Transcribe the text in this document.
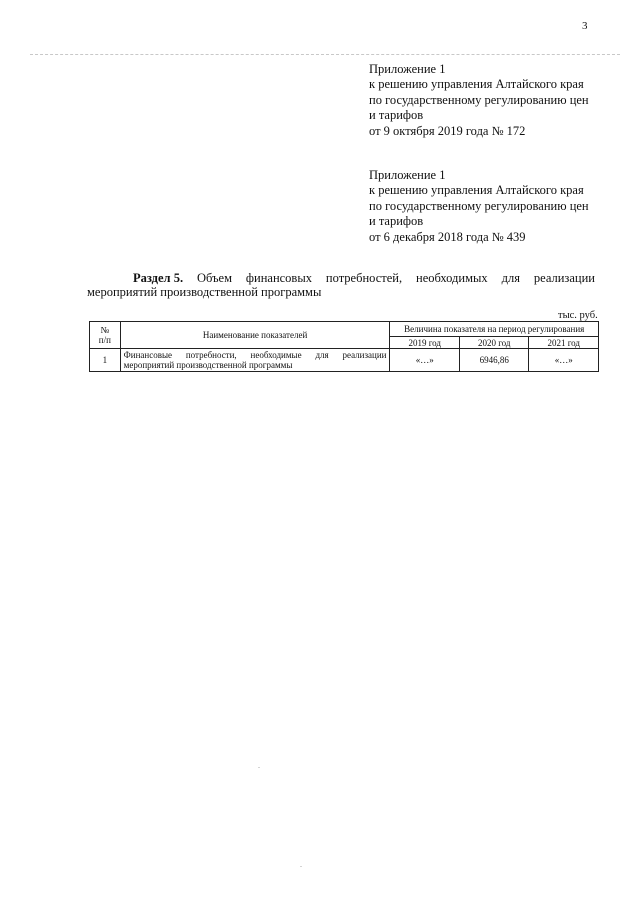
3
Приложение 1
к решению управления Алтайского края
по государственному регулированию цен
и тарифов
от 9 октября 2019 года № 172
Приложение 1
к решению управления Алтайского края
по государственному регулированию цен
и тарифов
от 6 декабря 2018 года № 439
Раздел 5. Объем финансовых потребностей, необходимых для реализации
мероприятий производственной программы
тыс. руб.
№
п/п	Наименование показателей	Величина показателя на период регулирования		
		2019 год	2020 год	2021 год
1	Финансовые потребности, необходимые для реализации мероприятий производственной программы	«…»	6946,86	«…»
